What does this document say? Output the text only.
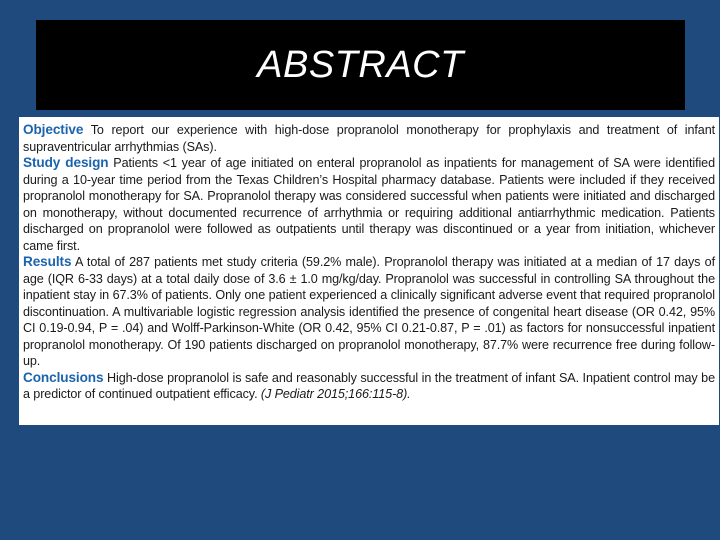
ABSTRACT

Objective To report our experience with high-dose propranolol monotherapy for prophylaxis and treatment of infant supraventricular arrhythmias (SAs).

Study design Patients <1 year of age initiated on enteral propranolol as inpatients for management of SA were identified during a 10-year time period from the Texas Children’s Hospital pharmacy database. Patients were included if they received propranolol monotherapy for SA. Propranolol therapy was considered successful when patients were initiated and discharged on monotherapy, without documented recurrence of arrhythmia or requiring additional antiarrhythmic medication. Patients discharged on propranolol were followed as outpatients until therapy was discontinued or a year from initiation, whichever came first.

Results A total of 287 patients met study criteria (59.2% male). Propranolol therapy was initiated at a median of 17 days of age (IQR 6-33 days) at a total daily dose of 3.6 ± 1.0 mg/kg/day. Propranolol was successful in controlling SA throughout the inpatient stay in 67.3% of patients. Only one patient experienced a clinically significant adverse event that required propranolol discontinuation. A multivariable logistic regression analysis identified the presence of congenital heart disease (OR 0.42, 95% CI 0.19-0.94, P = .04) and Wolff-Parkinson-White (OR 0.42, 95% CI 0.21-0.87, P = .01) as factors for nonsuccessful inpatient propranolol monotherapy. Of 190 patients discharged on propranolol monotherapy, 87.7% were recurrence free during follow-up.

Conclusions High-dose propranolol is safe and reasonably successful in the treatment of infant SA. Inpatient control may be a predictor of continued outpatient efficacy. (J Pediatr 2015;166:115-8).
